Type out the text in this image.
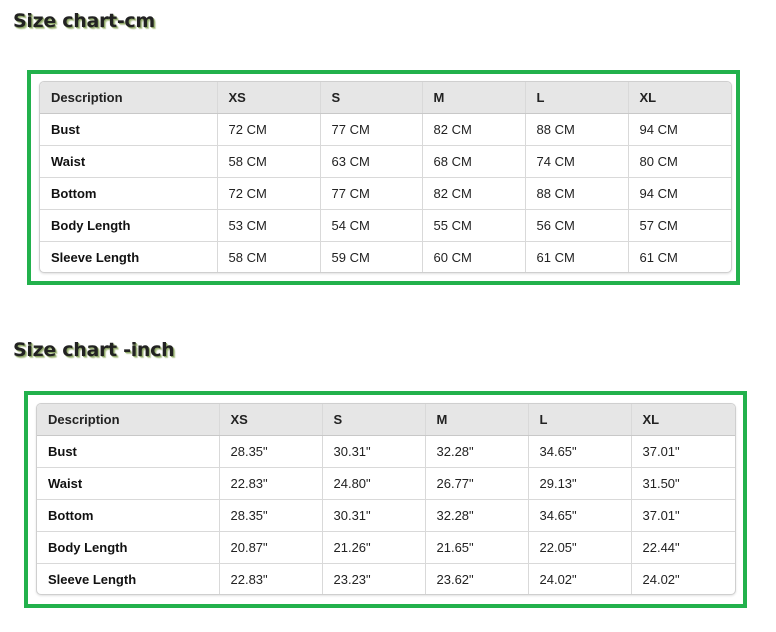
Size chart-cm
Description	XS	S	M	L	XL
Bust	72 CM	77 CM	82 CM	88 CM	94 CM
Waist	58 CM	63 CM	68 CM	74 CM	80 CM
Bottom	72 CM	77 CM	82 CM	88 CM	94 CM
Body Length	53 CM	54 CM	55 CM	56 CM	57 CM
Sleeve Length	58 CM	59 CM	60 CM	61 CM	61 CM
Size chart -inch
Description	XS	S	M	L	XL
Bust	28.35"	30.31"	32.28"	34.65"	37.01"
Waist	22.83"	24.80"	26.77"	29.13"	31.50"
Bottom	28.35"	30.31"	32.28"	34.65"	37.01"
Body Length	20.87"	21.26"	21.65"	22.05"	22.44"
Sleeve Length	22.83"	23.23"	23.62"	24.02"	24.02"
